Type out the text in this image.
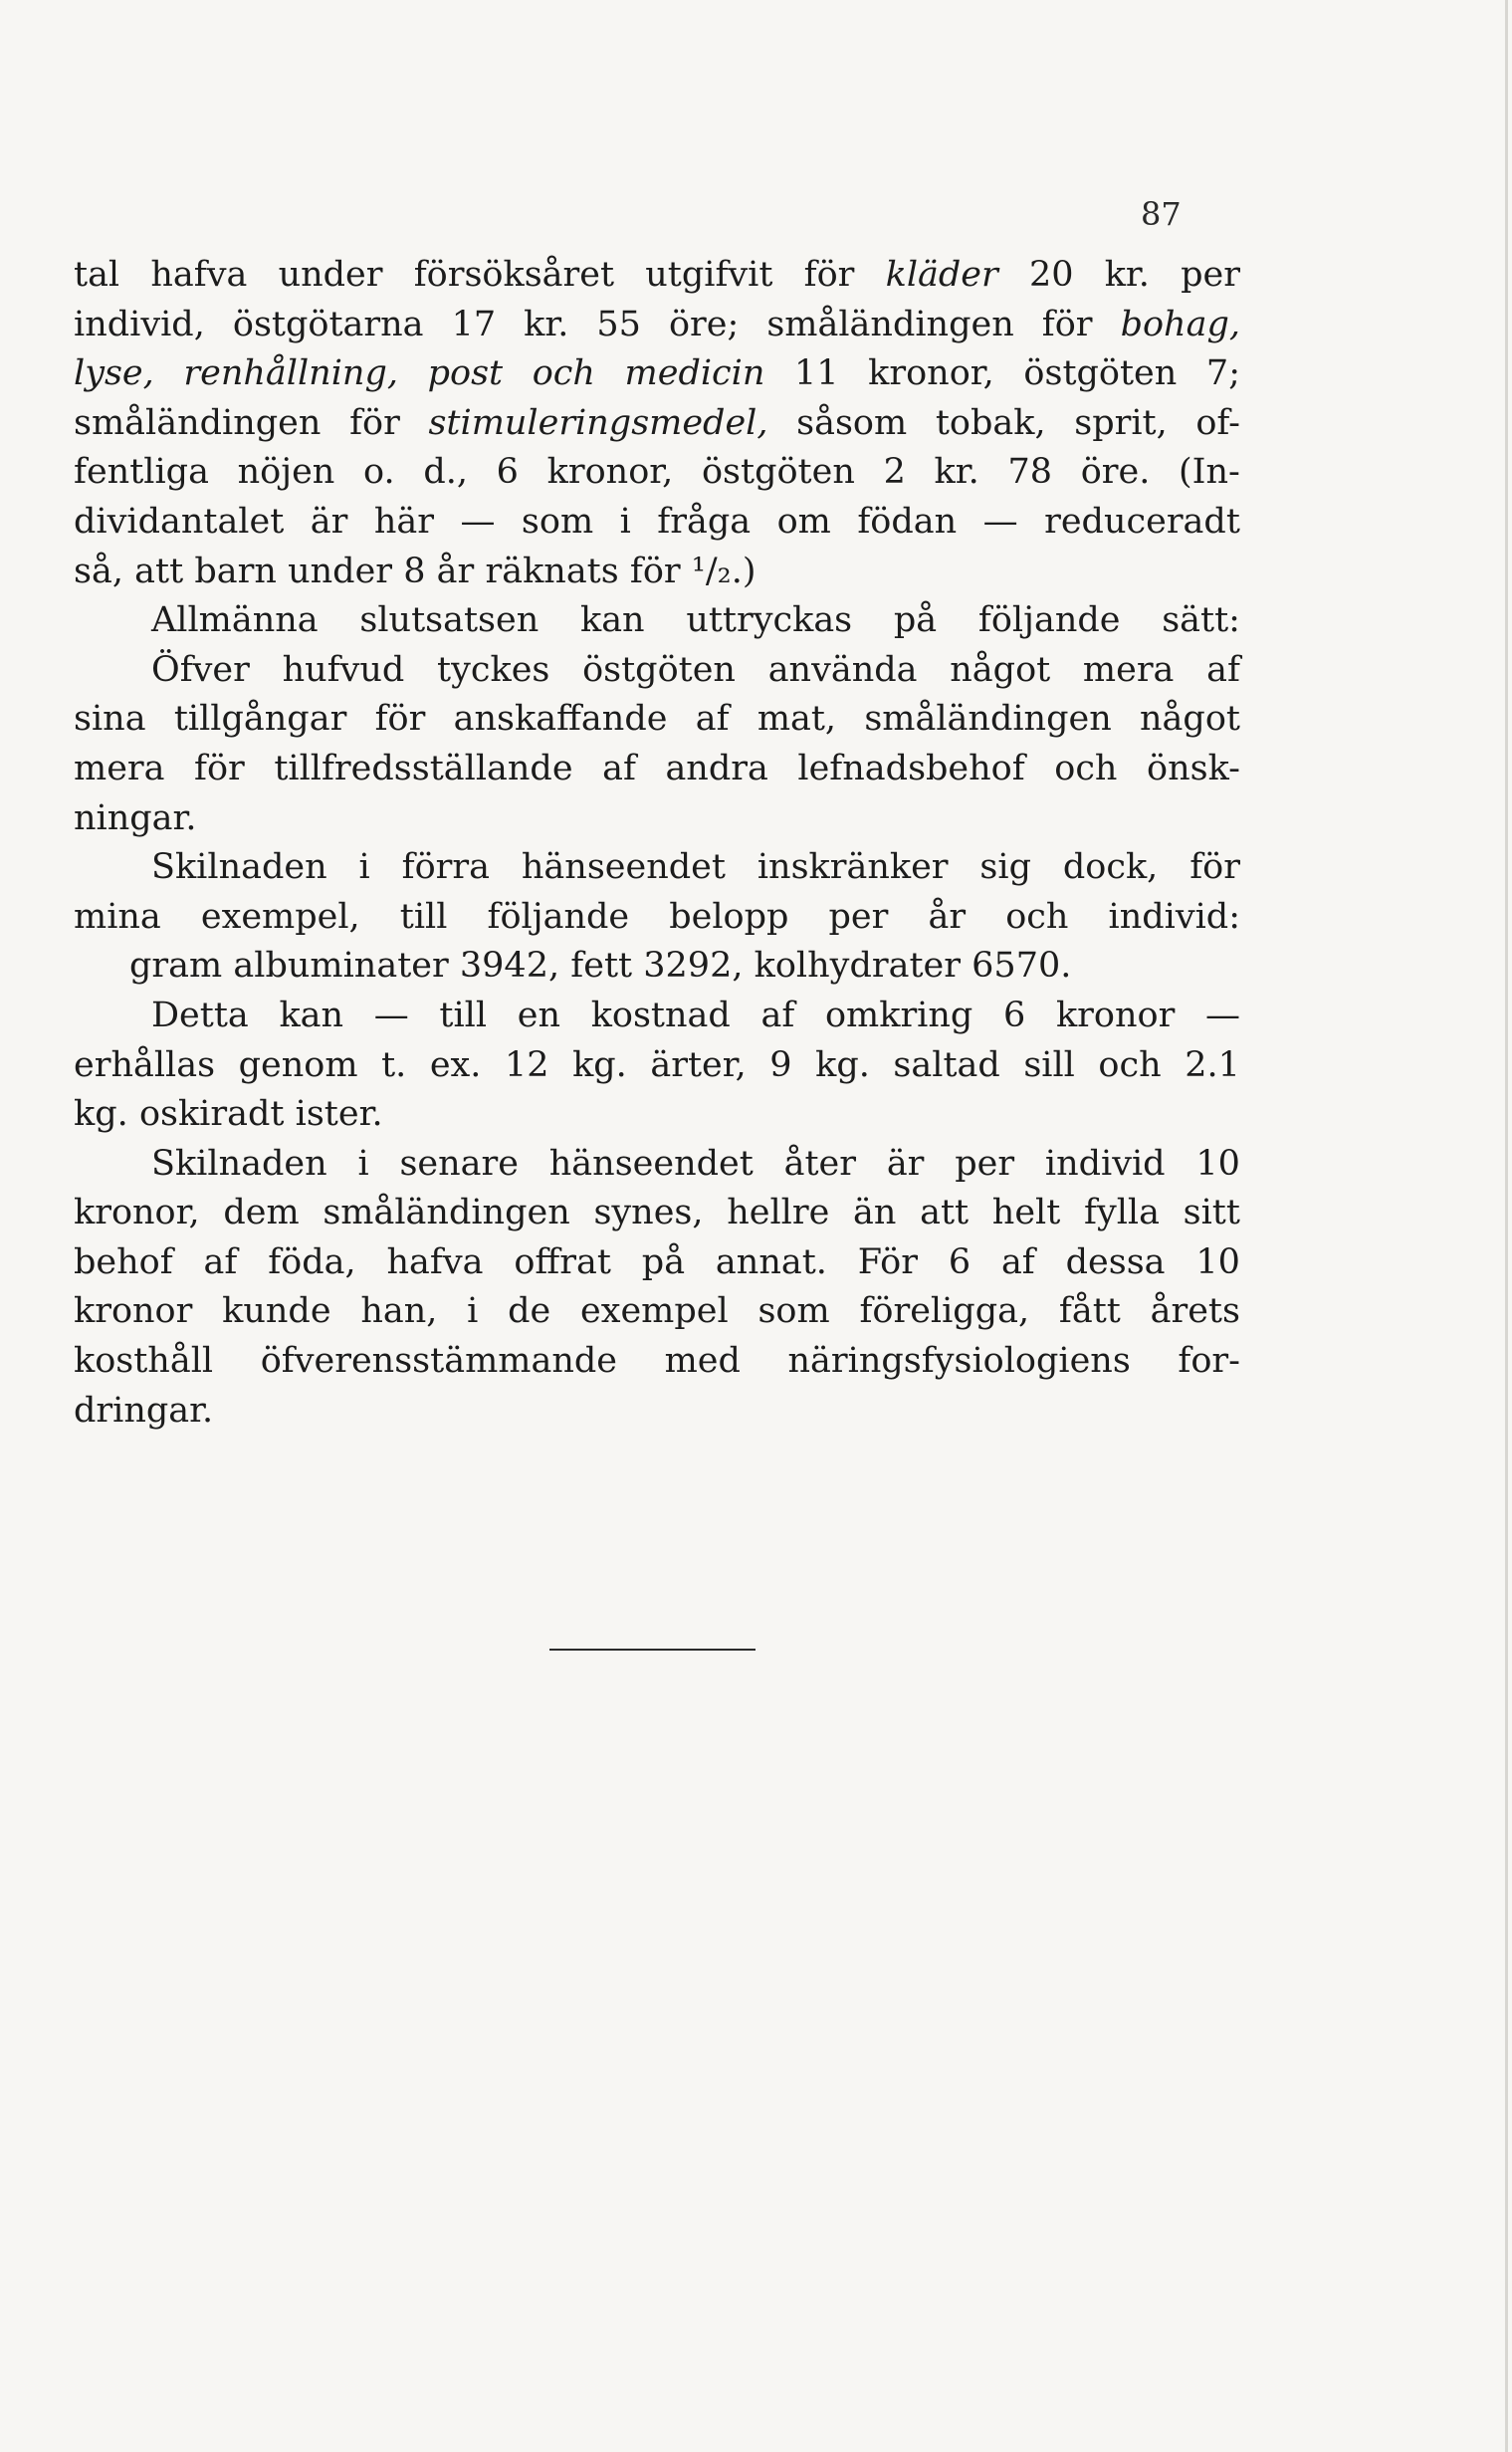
87
tal hafva under försöksåret utgifvit för kläder 20 kr. per
individ, östgötarna 17 kr. 55 öre; småländingen för bohag,
lyse, renhållning, post och medicin 11 kronor, östgöten 7;
småländingen för stimuleringsmedel, såsom tobak, sprit, of-
fentliga nöjen o. d., 6 kronor, östgöten 2 kr. 78 öre. (In-
dividantalet är här — som i fråga om födan — reduceradt
så, att barn under 8 år räknats för ¹/₂.)
Allmänna slutsatsen kan uttryckas på följande sätt:
Öfver hufvud tyckes östgöten använda något mera af
sina tillgångar för anskaffande af mat, småländingen något
mera för tillfredsställande af andra lefnadsbehof och önsk-
ningar.
Skilnaden i förra hänseendet inskränker sig dock, för
mina exempel, till följande belopp per år och individ:
gram albuminater 3942, fett 3292, kolhydrater 6570.
Detta kan — till en kostnad af omkring 6 kronor —
erhållas genom t. ex. 12 kg. ärter, 9 kg. saltad sill och 2.1
kg. oskiradt ister.
Skilnaden i senare hänseendet åter är per individ 10
kronor, dem småländingen synes, hellre än att helt fylla sitt
behof af föda, hafva offrat på annat. För 6 af dessa 10
kronor kunde han, i de exempel som föreligga, fått årets
kosthåll öfverensstämmande med näringsfysiologiens for-
dringar.
